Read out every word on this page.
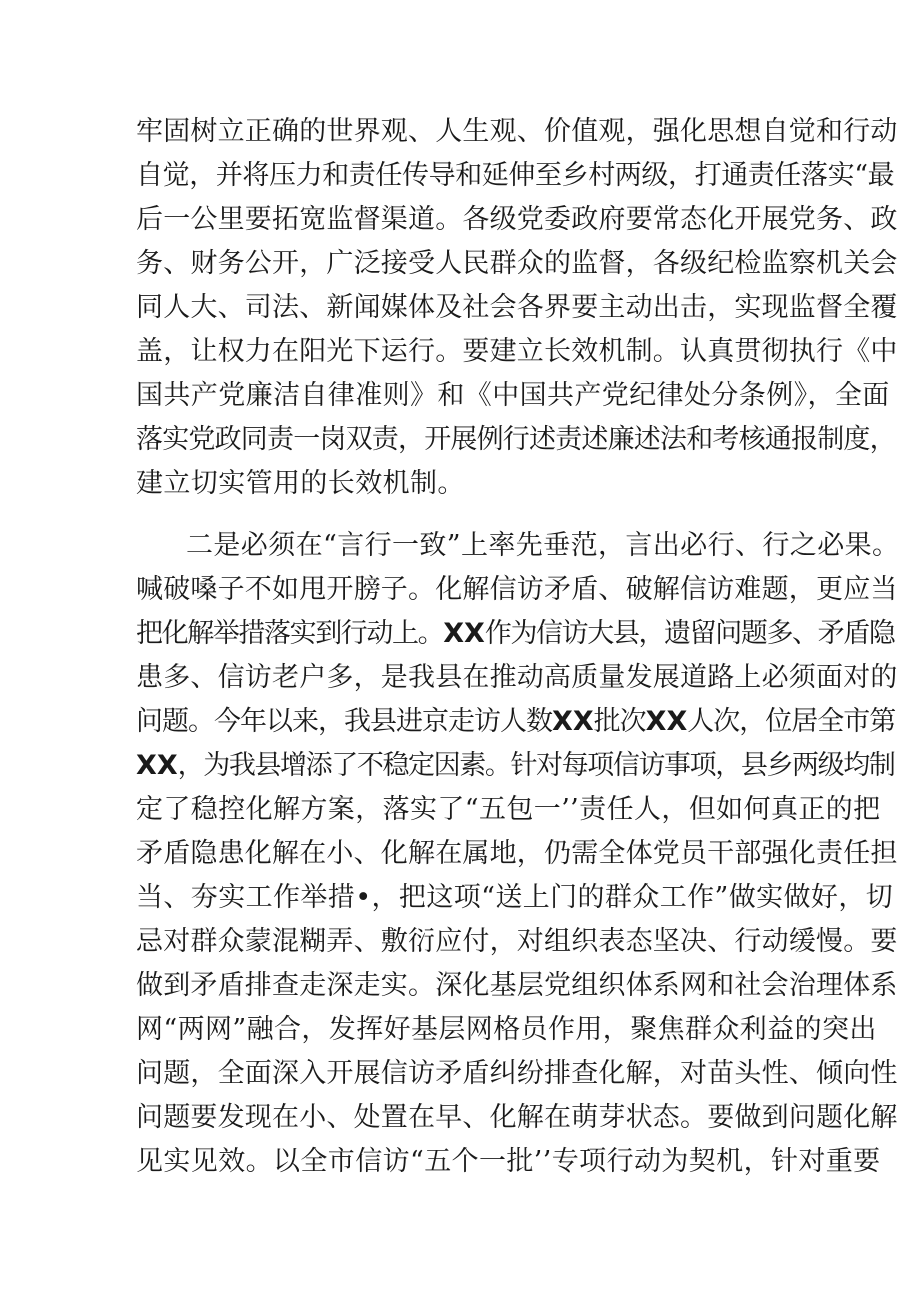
牢固树立正确的世界观、人生观、价值观，强化思想自觉和行动
自觉，并将压力和责任传导和延伸至乡村两级，打通责任落实“最
后一公里要拓宽监督渠道。各级党委政府要常态化开展党务、政
务、财务公开，广泛接受人民群众的监督，各级纪检监察机关会
同人大、司法、新闻媒体及社会各界要主动出击，实现监督全覆
盖，让权力在阳光下运行。要建立长效机制。认真贯彻执行《中
国共产党廉洁自律准则》和《中国共产党纪律处分条例》，全面
落实党政同责一岗双责，开展例行述责述廉述法和考核通报制度，
建立切实管用的长效机制。
二是必须在“言行一致”上率先垂范，言出必行、行之必果。
喊破嗓子不如甩开膀子。化解信访矛盾、破解信访难题，更应当
把化解举措落实到行动上。XX作为信访大县，遗留问题多、矛盾隐
患多、信访老户多，是我县在推动高质量发展道路上必须面对的
问题。今年以来，我县进京走访人数XX批次XX人次，位居全市第
XX，为我县增添了不稳定因素。针对每项信访事项，县乡两级均制
定了稳控化解方案，落实了“五包一’’责任人，但如何真正的把
矛盾隐患化解在小、化解在属地，仍需全体党员干部强化责任担
当、夯实工作举措•，把这项“送上门的群众工作”做实做好，切
忌对群众蒙混糊弄、敷衍应付，对组织表态坚决、行动缓慢。要
做到矛盾排查走深走实。深化基层党组织体系网和社会治理体系
网“两网”融合，发挥好基层网格员作用，聚焦群众利益的突出
问题，全面深入开展信访矛盾纠纷排查化解，对苗头性、倾向性
问题要发现在小、处置在早、化解在萌芽状态。要做到问题化解
见实见效。以全市信访“五个一批’’专项行动为契机，针对重要
